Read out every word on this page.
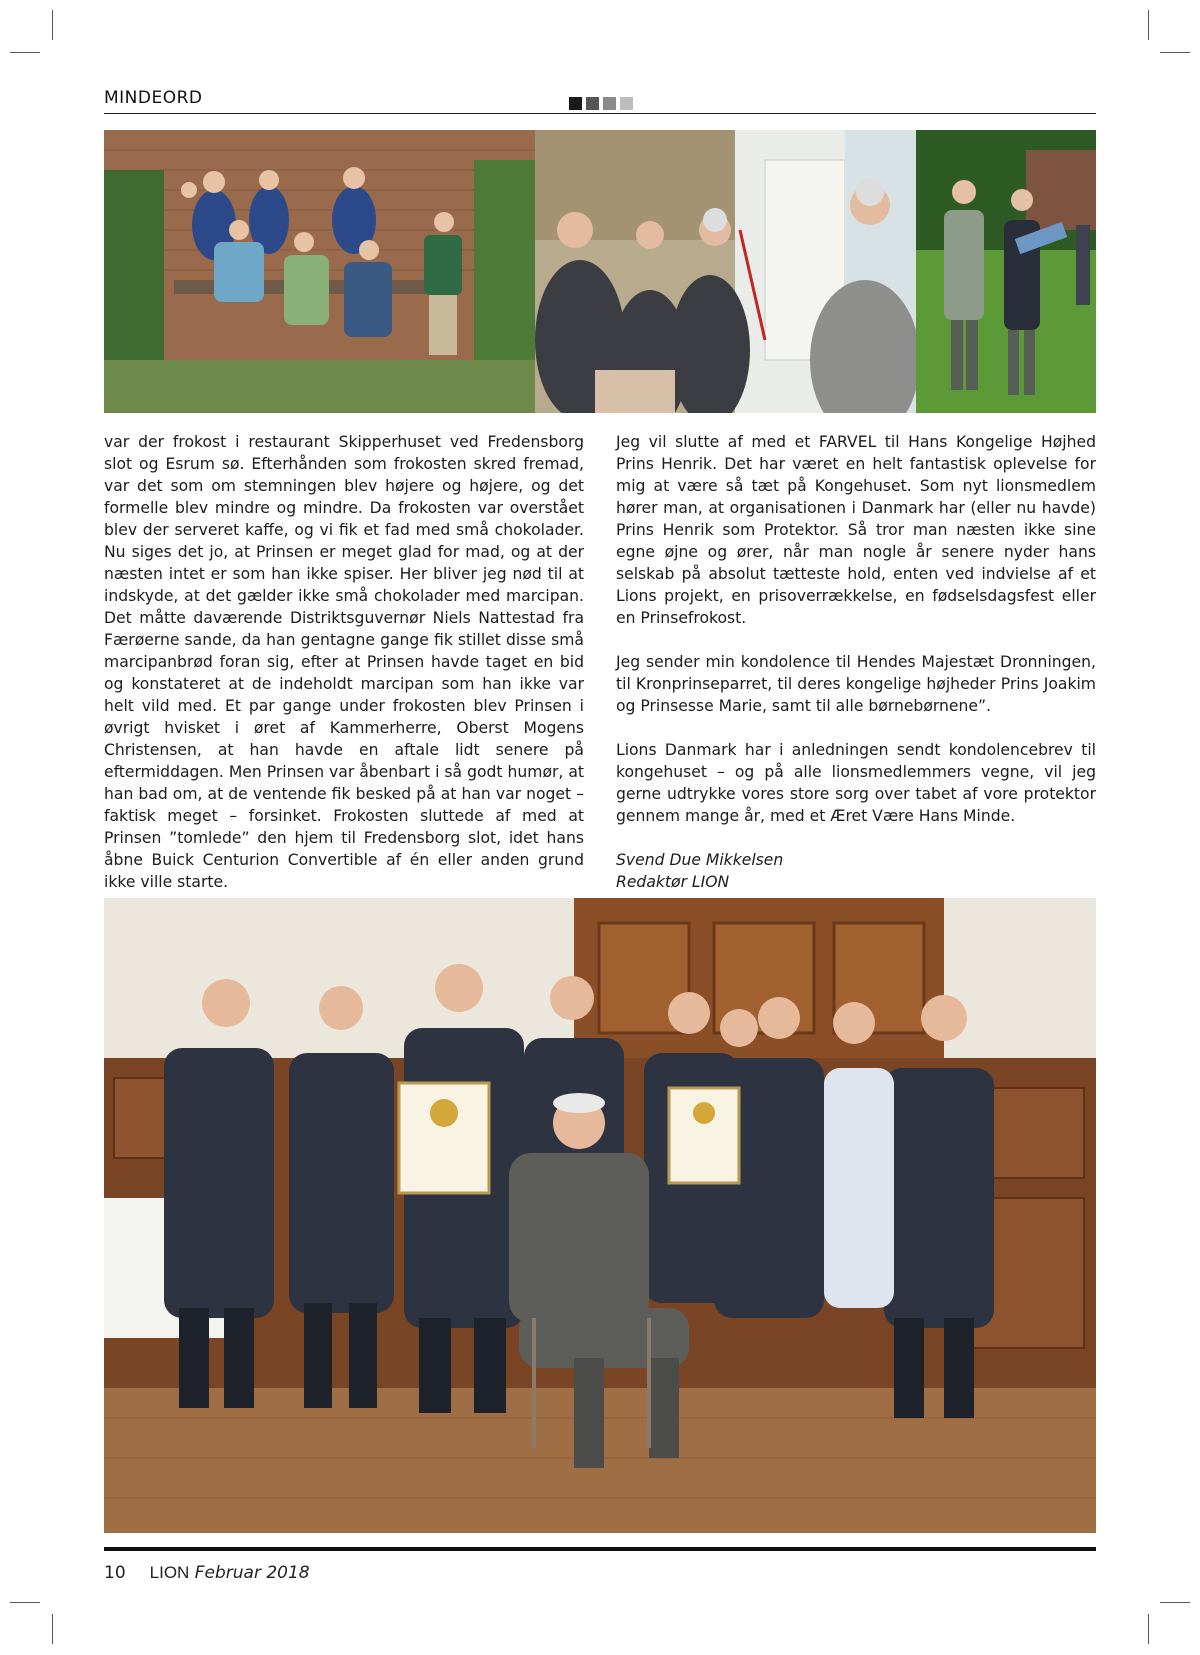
MINDEORD

var der frokost i restaurant Skipperhuset ved Fredensborg slot og Esrum sø. Efterhånden som frokosten skred fremad, var det som om stemningen blev højere og højere, og det formelle blev mindre og mindre. Da frokosten var overstået blev der serveret kaffe, og vi fik et fad med små chokolader. Nu siges det jo, at Prinsen er meget glad for mad, og at der næsten intet er som han ikke spiser. Her bliver jeg nød til at indskyde, at det gælder ikke små chokolader med marcipan. Det måtte daværende Distriktsguvernør Niels Nattestad fra Færøerne sande, da han gentagne gange fik stillet disse små marcipanbrød foran sig, efter at Prinsen havde taget en bid og konstateret at de indeholdt marcipan som han ikke var helt vild med. Et par gange under frokosten blev Prinsen i øvrigt hvisket i øret af Kammerherre, Oberst Mogens Christensen, at han havde en aftale lidt senere på eftermiddagen. Men Prinsen var åbenbart i så godt humør, at han bad om, at de ventende fik besked på at han var noget – faktisk meget – forsinket. Frokosten sluttede af med at Prinsen ”tomlede” den hjem til Fredensborg slot, idet hans åbne Buick Centurion Convertible af én eller anden grund ikke ville starte.

Jeg vil slutte af med et FARVEL til Hans Kongelige Højhed Prins Henrik. Det har været en helt fantastisk oplevelse for mig at være så tæt på Kongehuset. Som nyt lionsmedlem hører man, at organisationen i Danmark har (eller nu havde) Prins Henrik som Protektor. Så tror man næsten ikke sine egne øjne og ører, når man nogle år senere nyder hans selskab på absolut tætteste hold, enten ved indvielse af et Lions projekt, en prisoverrækkelse, en fødselsdagsfest eller en Prinsefrokost.

Jeg sender min kondolence til Hendes Majestæt Dronningen, til Kronprinseparret, til deres kongelige højheder Prins Joakim og Prinsesse Marie, samt til alle børnebørnene”.

Lions Danmark har i anledningen sendt kondolencebrev til kongehuset – og på alle lionsmedlemmers vegne, vil jeg gerne udtrykke vores store sorg over tabet af vore protektor gennem mange år, med et Æret Være Hans Minde.

Svend Due Mikkelsen
Redaktør LION

10 LION Februar 2018
